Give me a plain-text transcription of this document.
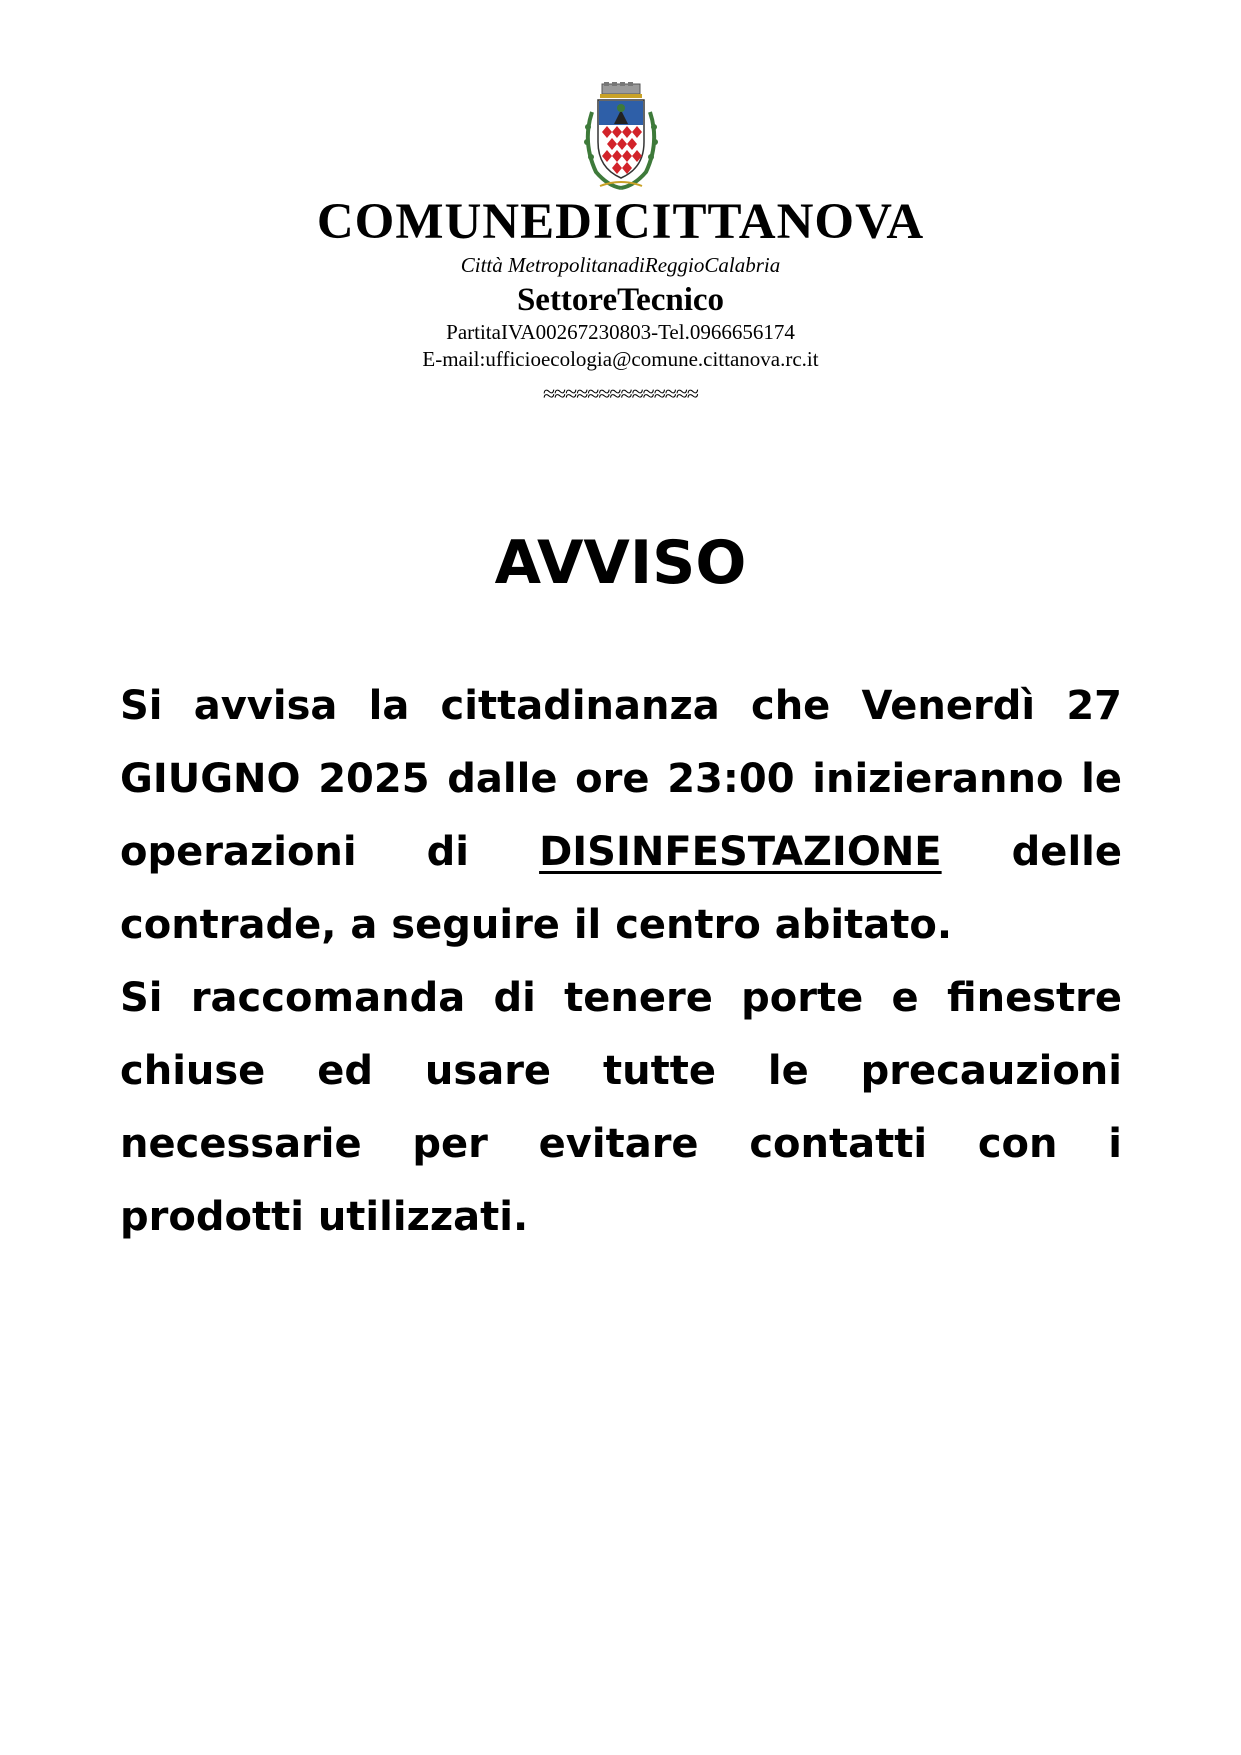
COMUNEDICITTANOVA
Città MetropolitanadiReggioCalabria
SettoreTecnico
PartitaIVA00267230803-Tel.0966656174
E-mail:ufficioecologia@comune.cittanova.rc.it
≈≈≈≈≈≈≈≈≈≈≈≈≈≈
AVVISO

Si avvisa la cittadinanza che Venerdì 27 GIUGNO 2025 dalle ore 23:00 inizieranno le operazioni di DISINFESTAZIONE delle contrade, a seguire il centro abitato.

Si raccomanda di tenere porte e finestre chiuse ed usare tutte le precauzioni necessarie per evitare contatti con i prodotti utilizzati.
